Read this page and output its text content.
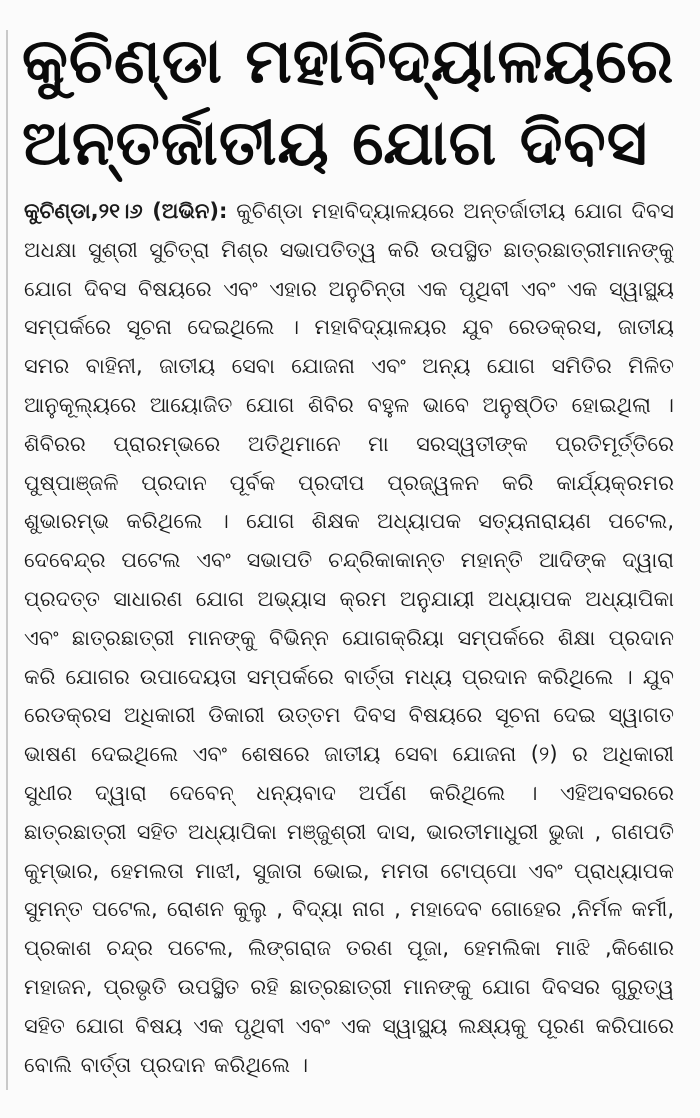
କୁଚିଣ୍ଡା ମହାବିଦ୍ୟାଳୟରେ
ଅନ୍ତର୍ଜାତୀୟ ଯୋଗ ଦିବସ

କୁଚିଣ୍ଡା,୨୧।୬ (ଅଭିନ): କୁଚିଣ୍ଡା ମହାବିଦ୍ୟାଳୟରେ ଅନ୍ତର୍ଜାତୀୟ ଯୋଗ ଦିବସ ଅଧକ୍ଷା ସୁଶ୍ରୀ ସୁଚିତ୍ରା ମିଶ୍ର ସଭାପତିତ୍ୱ କରି ଉପସ୍ଥିତ ଛାତ୍ରଛାତ୍ରୀମାନଙ୍କୁ ଯୋଗ ଦିବସ ବିଷୟରେ ଏବଂ ଏହାର ଅନୁଚିନ୍ତା ଏକ ପୃଥିବୀ ଏବଂ ଏକ ସ୍ୱାସ୍ଥ୍ୟ ସମ୍ପର୍କରେ ସୂଚନା ଦେଇଥିଲେ । ମହାବିଦ୍ୟାଳୟର ଯୁବ ରେଡକ୍ରସ, ଜାତୀୟ ସମର ବାହିନୀ, ଜାତୀୟ ସେବା ଯୋଜନା ଏବଂ ଅନ୍ୟ ଯୋଗ ସମିତିର ମିଳିତ ଆନୁକୂଲ୍ୟରେ ଆୟୋଜିତ ଯୋଗ ଶିବିର ବହୁଳ ଭାବେ ଅନୁଷ୍ଠିତ ହୋଇଥିଲା । ଶିବିରର ପ୍ରାରମ୍ଭରେ ଅତିଥିମାନେ ମା ସରସ୍ୱତୀଙ୍କ ପ୍ରତିମୂର୍ତ୍ତିରେ ପୁଷ୍ପାଞ୍ଜଳି ପ୍ରଦାନ ପୂର୍ବକ ପ୍ରଦୀପ ପ୍ରଜ୍ୱଳନ କରି କାର୍ଯ୍ୟକ୍ରମର ଶୁଭାରମ୍ଭ କରିଥିଲେ । ଯୋଗ ଶିକ୍ଷକ ଅଧ୍ୟାପକ ସତ୍ୟନାରାୟଣ ପଟେଲ, ଦେବେନ୍ଦ୍ର ପଟେଲ ଏବଂ ସଭାପତି ଚନ୍ଦ୍ରିକାକାନ୍ତ ମହାନ୍ତି ଆଦିଙ୍କ ଦ୍ୱାରା ପ୍ରଦତ୍ତ ସାଧାରଣ ଯୋଗ ଅଭ୍ୟାସ କ୍ରମ ଅନୁଯାୟୀ ଅଧ୍ୟାପକ ଅଧ୍ୟାପିକା ଏବଂ ଛାତ୍ରଛାତ୍ରୀ ମାନଙ୍କୁ ବିଭିନ୍ନ ଯୋଗକ୍ରିୟା ସମ୍ପର୍କରେ ଶିକ୍ଷା ପ୍ରଦାନ କରି ଯୋଗର ଉପାଦେୟତା ସମ୍ପର୍କରେ ବାର୍ତ୍ତା ମଧ୍ୟ ପ୍ରଦାନ କରିଥିଲେ । ଯୁବ ରେଡକ୍ରସ ଅଧିକାରୀ ଡିକାରୀ ଉତ୍ତମ ଦିବସ ବିଷୟରେ ସୂଚନା ଦେଇ ସ୍ୱାଗତ ଭାଷଣ ଦେଇଥିଲେ ଏବଂ ଶେଷରେ ଜାତୀୟ ସେବା ଯୋଜନା (୨) ର ଅଧିକାରୀ ସୁଧୀର ଦ୍ୱାରା ଦେବେନ୍ ଧନ୍ୟବାଦ ଅର୍ପଣ କରିଥିଲେ । ଏହିଅବସରରେ ଛାତ୍ରଛାତ୍ରୀ ସହିତ ଅଧ୍ୟାପିକା ମଞ୍ଜୁଶ୍ରୀ ଦାସ, ଭାରତୀମାଧୁରୀ ଭୁଜା , ଗଣପତି କୁମ୍ଭାର, ହେମଲତା ମାଝୀ, ସୁଜାତା ଭୋଇ, ମମତା ଟୋପ୍ପୋ ଏବଂ ପ୍ରାଧ୍ୟାପକ ସୁମନ୍ତ ପଟେଲ, ରୋଶନ କୁଲୁ , ବିଦ୍ୟା ନାଗ , ମହାଦେବ ଗୋହେର ,ନିର୍ମଳ କର୍ମୀ, ପ୍ରକାଶ ଚନ୍ଦ୍ର ପଟେଲ, ଲିଙ୍ଗରାଜ ତରଣ ପୂଜା, ହେମଲିକା ମାଝି ,କିଶୋର ମହାଜନ, ପ୍ରଭୃତି ଉପସ୍ଥିତ ରହି ଛାତ୍ରଛାତ୍ରୀ ମାନଙ୍କୁ ଯୋଗ ଦିବସର ଗୁରୁତ୍ୱ ସହିତ ଯୋଗ ବିଷୟ ଏକ ପୃଥିବୀ ଏବଂ ଏକ ସ୍ୱାସ୍ଥ୍ୟ ଲକ୍ଷ୍ୟକୁ ପୂରଣ କରିପାରେ ବୋଲି ବାର୍ତ୍ତା ପ୍ରଦାନ କରିଥିଲେ ।
